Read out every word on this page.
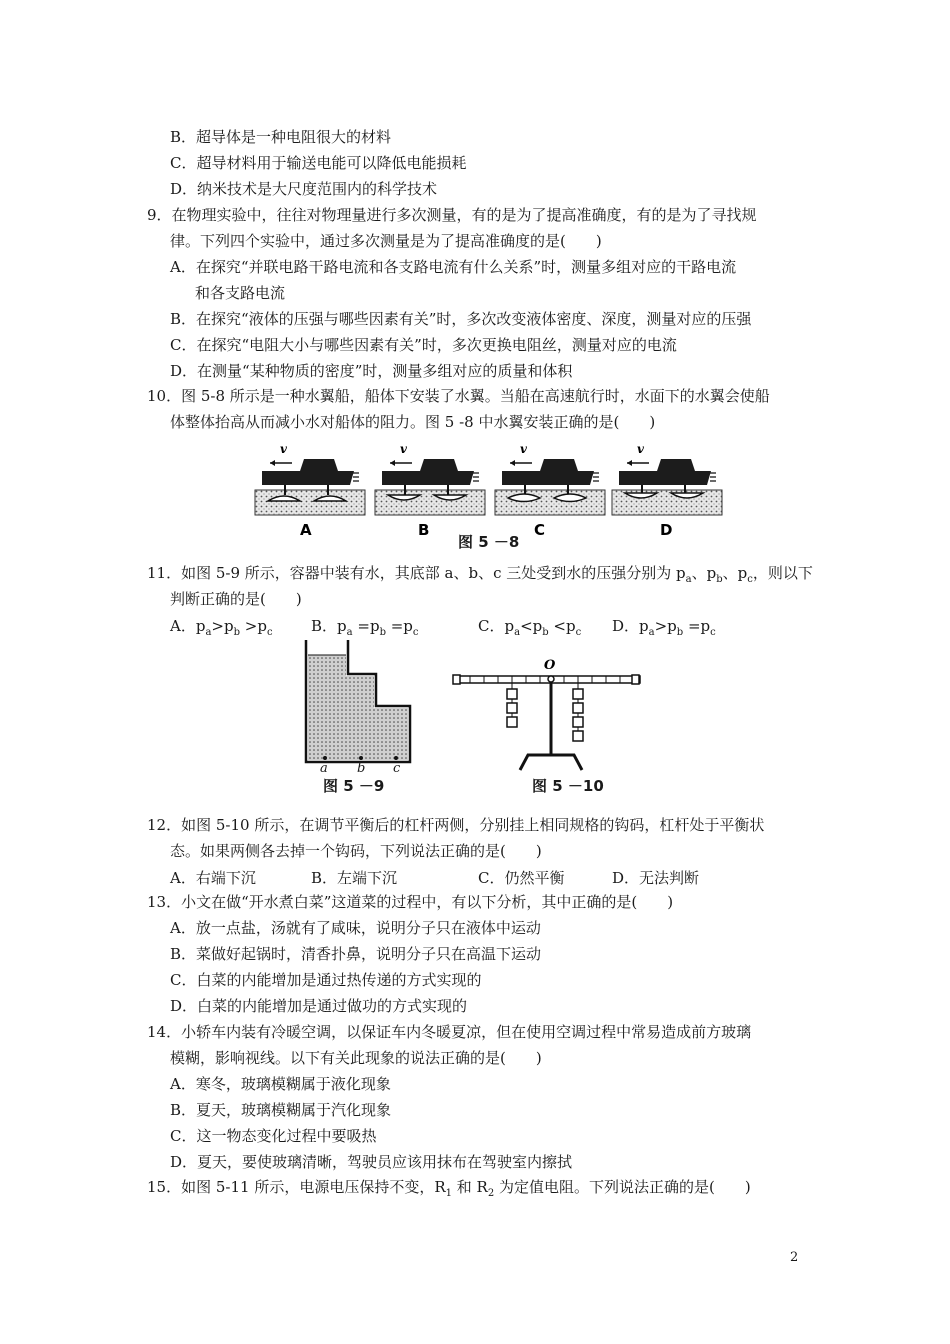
B．超导体是一种电阻很大的材料
C．超导材料用于输送电能可以降低电能损耗
D．纳米技术是大尺度范围内的科学技术
9．在物理实验中，往往对物理量进行多次测量，有的是为了提高准确度，有的是为了寻找规
律。下列四个实验中，通过多次测量是为了提高准确度的是(　　)
A．在探究“并联电路干路电流和各支路电流有什么关系”时，测量多组对应的干路电流
和各支路电流
B．在探究“液体的压强与哪些因素有关”时，多次改变液体密度、深度，测量对应的压强
C．在探究“电阻大小与哪些因素有关”时，多次更换电阻丝，测量对应的电流
D．在测量“某种物质的密度”时，测量多组对应的质量和体积
10．图 5-8 所示是一种水翼船，船体下安装了水翼。当船在高速航行时，水面下的水翼会使船
体整体抬高从而减小水对船体的阻力。图 5 -8 中水翼安装正确的是(　　)
v	v	v	v
A	B	C	D
图 5 －8
11．如图 5-9 所示，容器中装有水，其底部 a、b、c 三处受到水的压强分别为 $p_a$、$p_b$、$p_c$，则以下
判断正确的是(　　)
A．$p_a>p_b >p_c$	B．$p_a =p_b =p_c$	C．$p_a<p_b <p_c$ D．$p_a>p_b =p_c$
a b c
图 5 －9
O
图 5 －10
12．如图 5-10 所示，在调节平衡后的杠杆两侧，分别挂上相同规格的钩码，杠杆处于平衡状
态。如果两侧各去掉一个钩码，下列说法正确的是(　　)
A．右端下沉	B．左端下沉	C．仍然平衡	D．无法判断
13．小文在做“开水煮白菜”这道菜的过程中，有以下分析，其中正确的是(　　)
A．放一点盐，汤就有了咸味，说明分子只在液体中运动
B．菜做好起锅时，清香扑鼻，说明分子只在高温下运动
C．白菜的内能增加是通过热传递的方式实现的
D．白菜的内能增加是通过做功的方式实现的
14．小轿车内装有冷暖空调，以保证车内冬暖夏凉，但在使用空调过程中常易造成前方玻璃
模糊，影响视线。以下有关此现象的说法正确的是(　　)
A．寒冬，玻璃模糊属于液化现象
B．夏天，玻璃模糊属于汽化现象
C．这一物态变化过程中要吸热
D．夏天，要使玻璃清晰，驾驶员应该用抹布在驾驶室内擦拭
15．如图 5-11 所示，电源电压保持不变，$R_1$ 和 $R_2$ 为定值电阻。下列说法正确的是(　　)
2
